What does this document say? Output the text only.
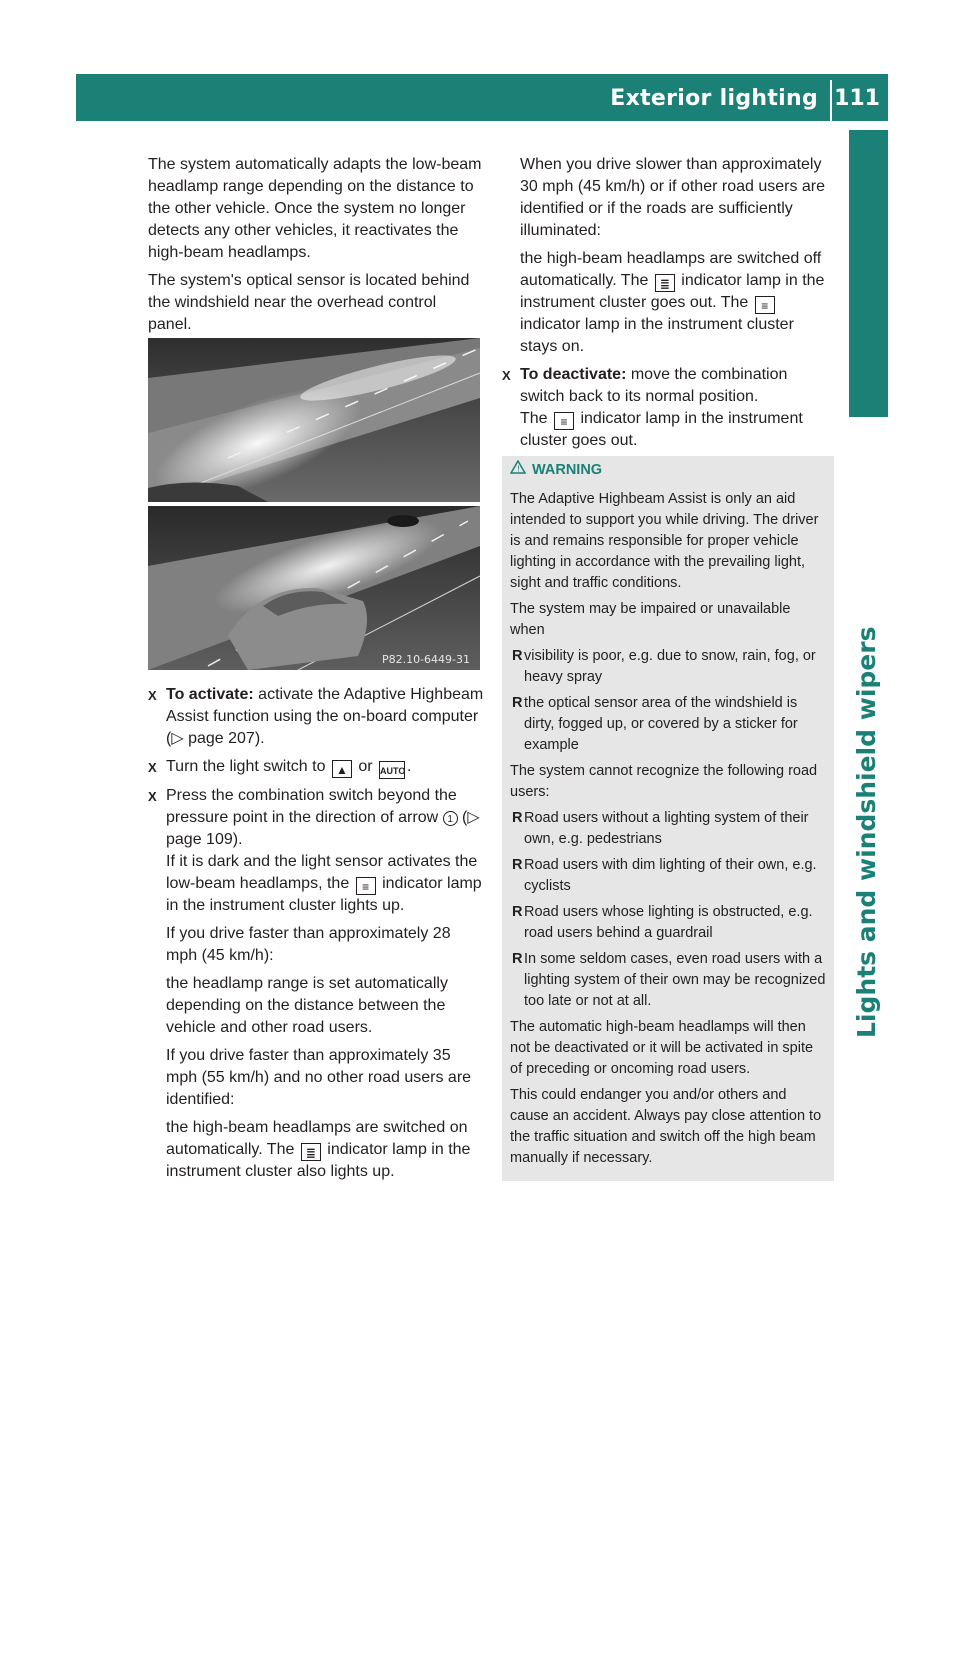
Exterior lighting 111
Lights and windshield wipers

The system automatically adapts the low-beam headlamp range depending on the distance to the other vehicle. Once the system no longer detects any other vehicles, it reactivates the high-beam headlamps.

The system's optical sensor is located behind the windshield near the overhead control panel.

P82.10-6449-31
X To activate: activate the Adaptive Highbeam Assist function using the on-board computer (▷ page 207).
X Turn the light switch to ▲ or AUTO .
X Press the combination switch beyond the pressure point in the direction of arrow 1 (▷ page 109).
If it is dark and the light sensor activates the low-beam headlamps, the ≡ indicator lamp in the instrument cluster lights up.

If you drive faster than approximately 28 mph (45 km/h):

the headlamp range is set automatically depending on the distance between the vehicle and other road users.

If you drive faster than approximately 35 mph (55 km/h) and no other road users are identified:

the high-beam headlamps are switched on automatically. The ≣ indicator lamp in the instrument cluster also lights up.

When you drive slower than approximately 30 mph (45 km/h) or if other road users are identified or if the roads are sufficiently illuminated:

the high-beam headlamps are switched off automatically. The ≣ indicator lamp in the instrument cluster goes out. The ≡ indicator lamp in the instrument cluster stays on.

X To deactivate: move the combination switch back to its normal position.
The ≡ indicator lamp in the instrument cluster goes out.

! WARNING

The Adaptive Highbeam Assist is only an aid intended to support you while driving. The driver is and remains responsible for proper vehicle lighting in accordance with the prevailing light, sight and traffic conditions.

The system may be impaired or unavailable when

R visibility is poor, e.g. due to snow, rain, fog, or heavy spray

R the optical sensor area of the windshield is dirty, fogged up, or covered by a sticker for example

The system cannot recognize the following road users:

R Road users without a lighting system of their own, e.g. pedestrians

R Road users with dim lighting of their own, e.g. cyclists

R Road users whose lighting is obstructed, e.g. road users behind a guardrail

R In some seldom cases, even road users with a lighting system of their own may be recognized too late or not at all.

The automatic high-beam headlamps will then not be deactivated or it will be activated in spite of preceding or oncoming road users.

This could endanger you and/or others and cause an accident. Always pay close attention to the traffic situation and switch off the high beam manually if necessary.
